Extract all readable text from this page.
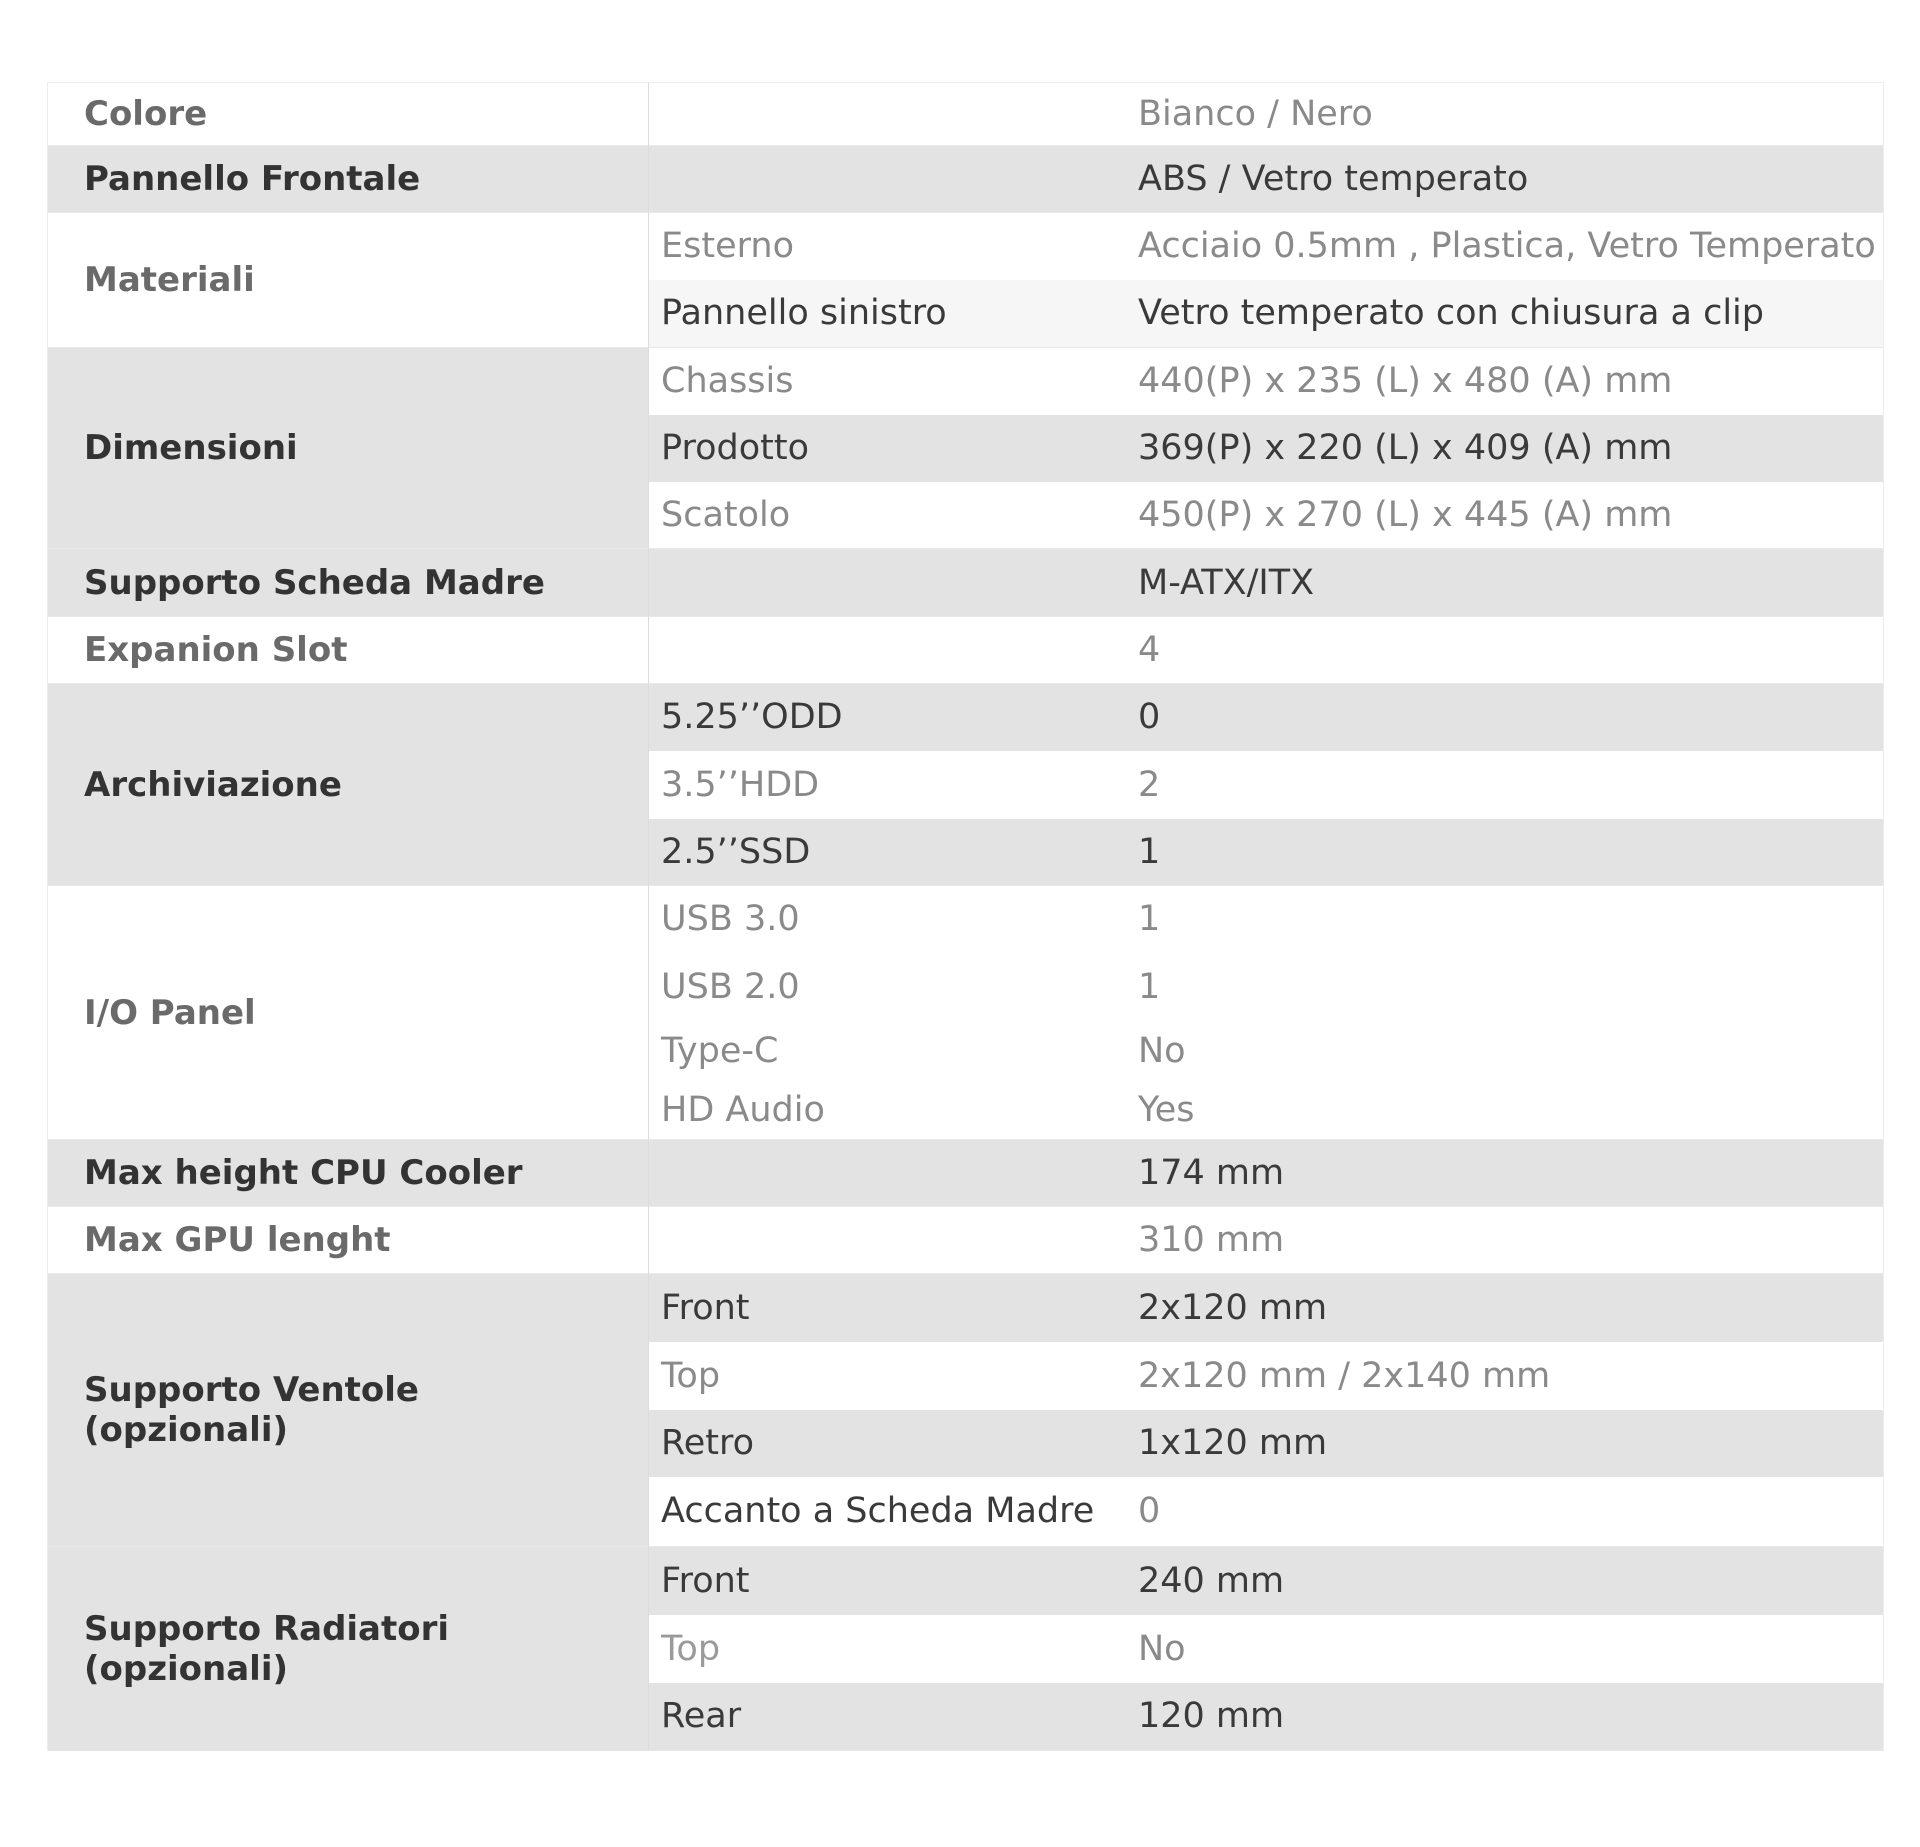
Colore		Bianco / Nero
Pannello Frontale		ABS / Vetro temperato
Materiali	Esterno	Acciaio 0.5mm , Plastica, Vetro Temperato
	Pannello sinistro	Vetro temperato con chiusura a clip
Dimensioni	Chassis	440(P) x 235 (L) x 480 (A) mm
	Prodotto	369(P) x 220 (L) x 409 (A) mm
	Scatolo	450(P) x 270 (L) x 445 (A) mm
Supporto Scheda Madre		M-ATX/ITX
Expanion Slot		4
Archiviazione	5.25’’ODD	0
	3.5’’HDD	2
	2.5’’SSD	1
I/O Panel	USB 3.0	1
	USB 2.0	1
	Type-C	No
	HD Audio	Yes
Max height CPU Cooler		174 mm
Max GPU lenght		310 mm

Supporto Ventole
(opzionali)	Front	2x120 mm
	Top	2x120 mm / 2x140 mm
	Retro	1x120 mm
	Accanto a Scheda Madre	0

Supporto Radiatori
(opzionali)	Front	240 mm
	Top	No
	Rear	120 mm
